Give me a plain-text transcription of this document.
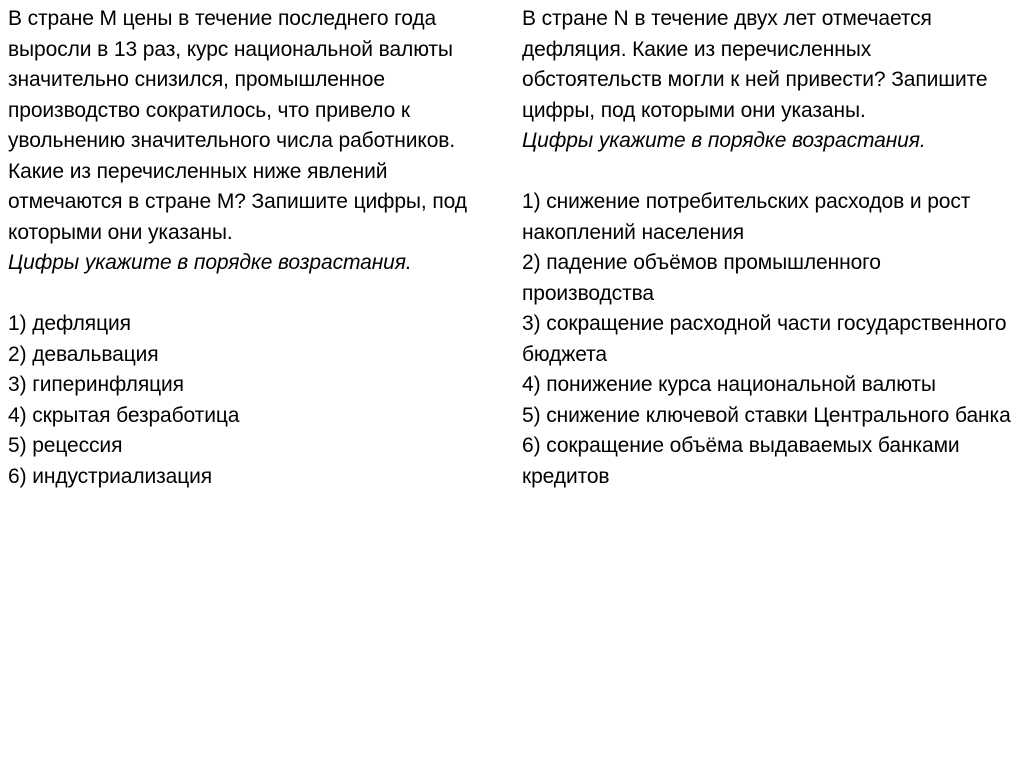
В стране М цены в течение последнего года выросли в 13 раз, курс национальной валюты значительно снизился, промышленное производство сократилось, что привело к увольнению значительного числа работников. Какие из перечисленных ниже явлений отмечаются в стране М? Запишите цифры, под которыми они указаны.

Цифры укажите в порядке возрастания.

1) дефляция
2) девальвация
3) гиперинфляция
4) скрытая безработица
5) рецессия
6) индустриализация

В стране N в течение двух лет отмечается дефляция. Какие из перечисленных обстоятельств могли к ней привести? Запишите цифры, под которыми они указаны.

Цифры укажите в порядке возрастания.

1) снижение потребительских расходов и рост накоплений населения
2) падение объёмов промышленного производства
3) сокращение расходной части государственного бюджета
4) понижение курса национальной валюты
5) снижение ключевой ставки Центрального банка
6) сокращение объёма выдаваемых банками кредитов
